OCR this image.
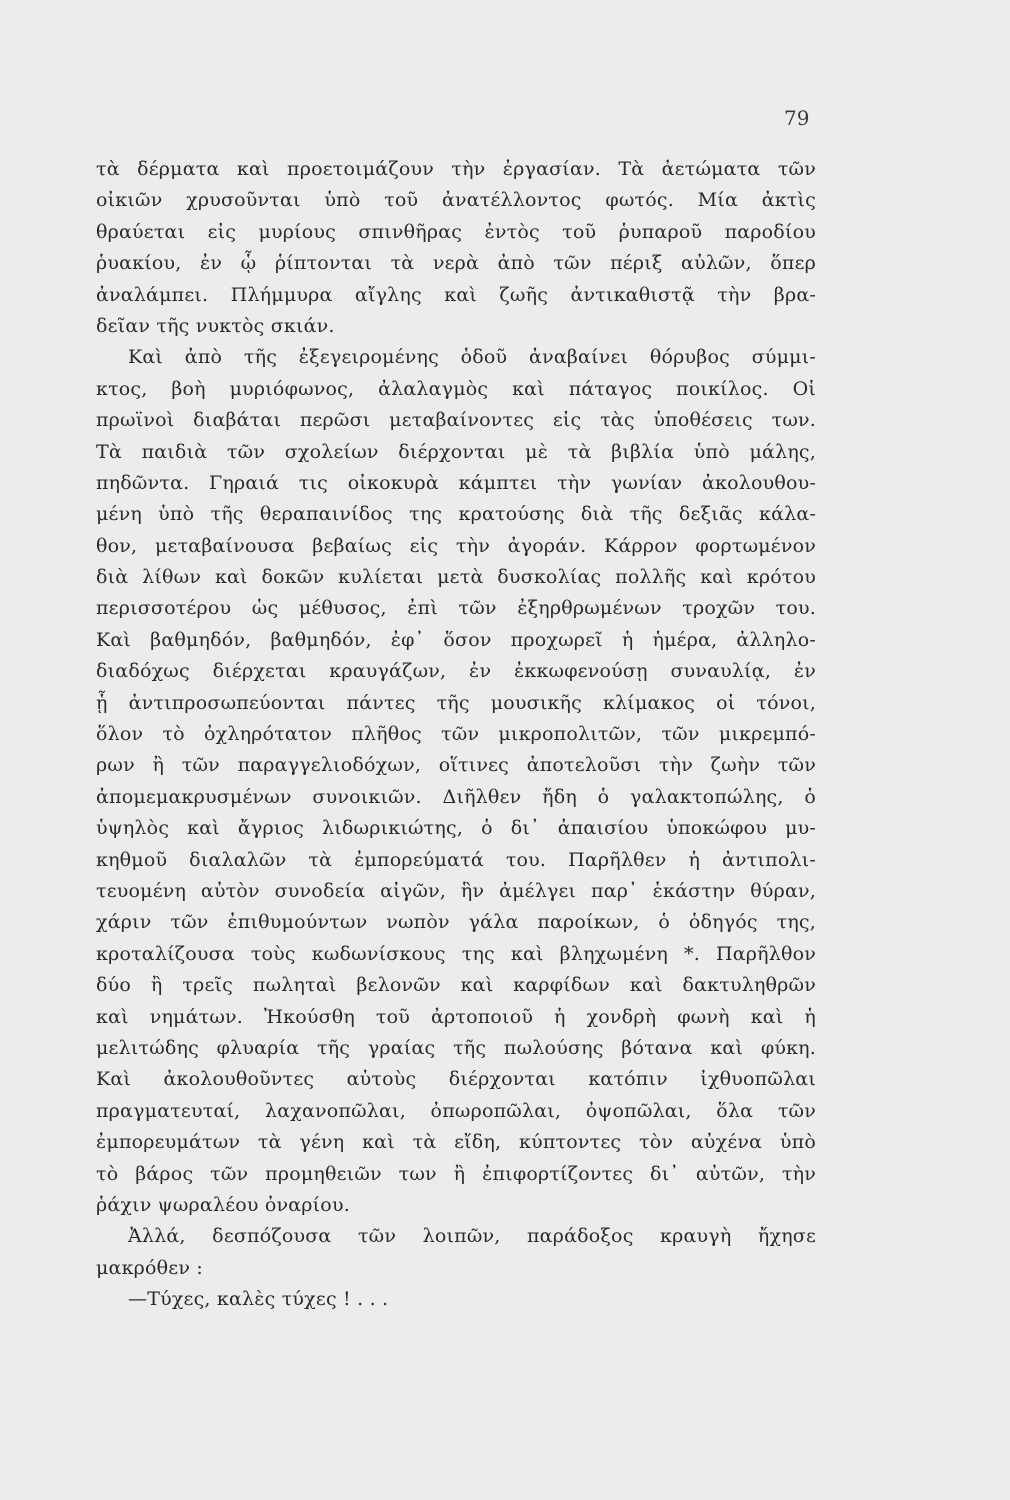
79
τὰ δέρματα καὶ προετοιμάζουν τὴν ἐργασίαν. Τὰ ἀετώματα τῶν
οἰκιῶν χρυσοῦνται ὑπὸ τοῦ ἀνατέλλοντος φωτός. Μία ἀκτὶς
θραύεται εἰς μυρίους σπινθῆρας ἐντὸς τοῦ ῥυπαροῦ παροδίου
ῥυακίου, ἐν ᾧ ῥίπτονται τὰ νερὰ ἀπὸ τῶν πέριξ αὐλῶν, ὅπερ
ἀναλάμπει. Πλήμμυρα αἴγλης καὶ ζωῆς ἀντικαθιστᾷ τὴν βρα-
δεῖαν τῆς νυκτὸς σκιάν.
Καὶ ἀπὸ τῆς ἐξεγειρομένης ὁδοῦ ἀναβαίνει θόρυβος σύμμι-
κτος, βοὴ μυριόφωνος, ἀλαλαγμὸς καὶ πάταγος ποικίλος. Οἱ
πρωϊνοὶ διαβάται περῶσι μεταβαίνοντες εἰς τὰς ὑποθέσεις των.
Τὰ παιδιὰ τῶν σχολείων διέρχονται μὲ τὰ βιβλία ὑπὸ μάλης,
πηδῶντα. Γηραιά τις οἰκοκυρὰ κάμπτει τὴν γωνίαν ἀκολουθου-
μένη ὑπὸ τῆς θεραπαινίδος της κρατούσης διὰ τῆς δεξιᾶς κάλα-
θον, μεταβαίνουσα βεβαίως εἰς τὴν ἀγοράν. Κάρρον φορτωμένον
διὰ λίθων καὶ δοκῶν κυλίεται μετὰ δυσκολίας πολλῆς καὶ κρότου
περισσοτέρου ὡς μέθυσος, ἐπὶ τῶν ἐξηρθρωμένων τροχῶν του.
Καὶ βαθμηδόν, βαθμηδόν, ἐφ᾽ ὅσον προχωρεῖ ἡ ἡμέρα, ἀλληλο-
διαδόχως διέρχεται κραυγάζων, ἐν ἐκκωφενούσῃ συναυλίᾳ, ἐν
ᾗ ἀντιπροσωπεύονται πάντες τῆς μουσικῆς κλίμακος οἱ τόνοι,
ὅλον τὸ ὀχληρότατον πλῆθος τῶν μικροπολιτῶν, τῶν μικρεμπό-
ρων ἢ τῶν παραγγελιοδόχων, οἵτινες ἀποτελοῦσι τὴν ζωὴν τῶν
ἀπομεμακρυσμένων συνοικιῶν. Διῆλθεν ἤδη ὁ γαλακτοπώλης, ὁ
ὑψηλὸς καὶ ἄγριος λιδωρικιώτης, ὁ δι᾽ ἀπαισίου ὑποκώφου μυ-
κηθμοῦ διαλαλῶν τὰ ἐμπορεύματά του. Παρῆλθεν ἡ ἀντιπολι-
τευομένη αὐτὸν συνοδεία αἰγῶν, ἣν ἀμέλγει παρ᾽ ἑκάστην θύραν,
χάριν τῶν ἐπιθυμούντων νωπὸν γάλα παροίκων, ὁ ὁδηγός της,
κροταλίζουσα τοὺς κωδωνίσκους της καὶ βληχωμένη *. Παρῆλθον
δύο ἢ τρεῖς πωληταὶ βελονῶν καὶ καρφίδων καὶ δακτυληθρῶν
καὶ νημάτων. Ἠκούσθη τοῦ ἀρτοποιοῦ ἡ χονδρὴ φωνὴ καὶ ἡ
μελιτώδης φλυαρία τῆς γραίας τῆς πωλούσης βότανα καὶ φύκη.
Καὶ ἀκολουθοῦντες αὐτοὺς διέρχονται κατόπιν ἰχθυοπῶλαι
πραγματευταί, λαχανοπῶλαι, ὀπωροπῶλαι, ὀψοπῶλαι, ὅλα τῶν
ἐμπορευμάτων τὰ γένη καὶ τὰ εἴδη, κύπτοντες τὸν αὐχένα ὑπὸ
τὸ βάρος τῶν προμηθειῶν των ἢ ἐπιφορτίζοντες δι᾽ αὐτῶν, τὴν
ῥάχιν ψωραλέου ὀναρίου.
Ἀλλά, δεσπόζουσα τῶν λοιπῶν, παράδοξος κραυγὴ ἤχησε
μακρόθεν :
—Τύχες, καλὲς τύχες ! . . .
